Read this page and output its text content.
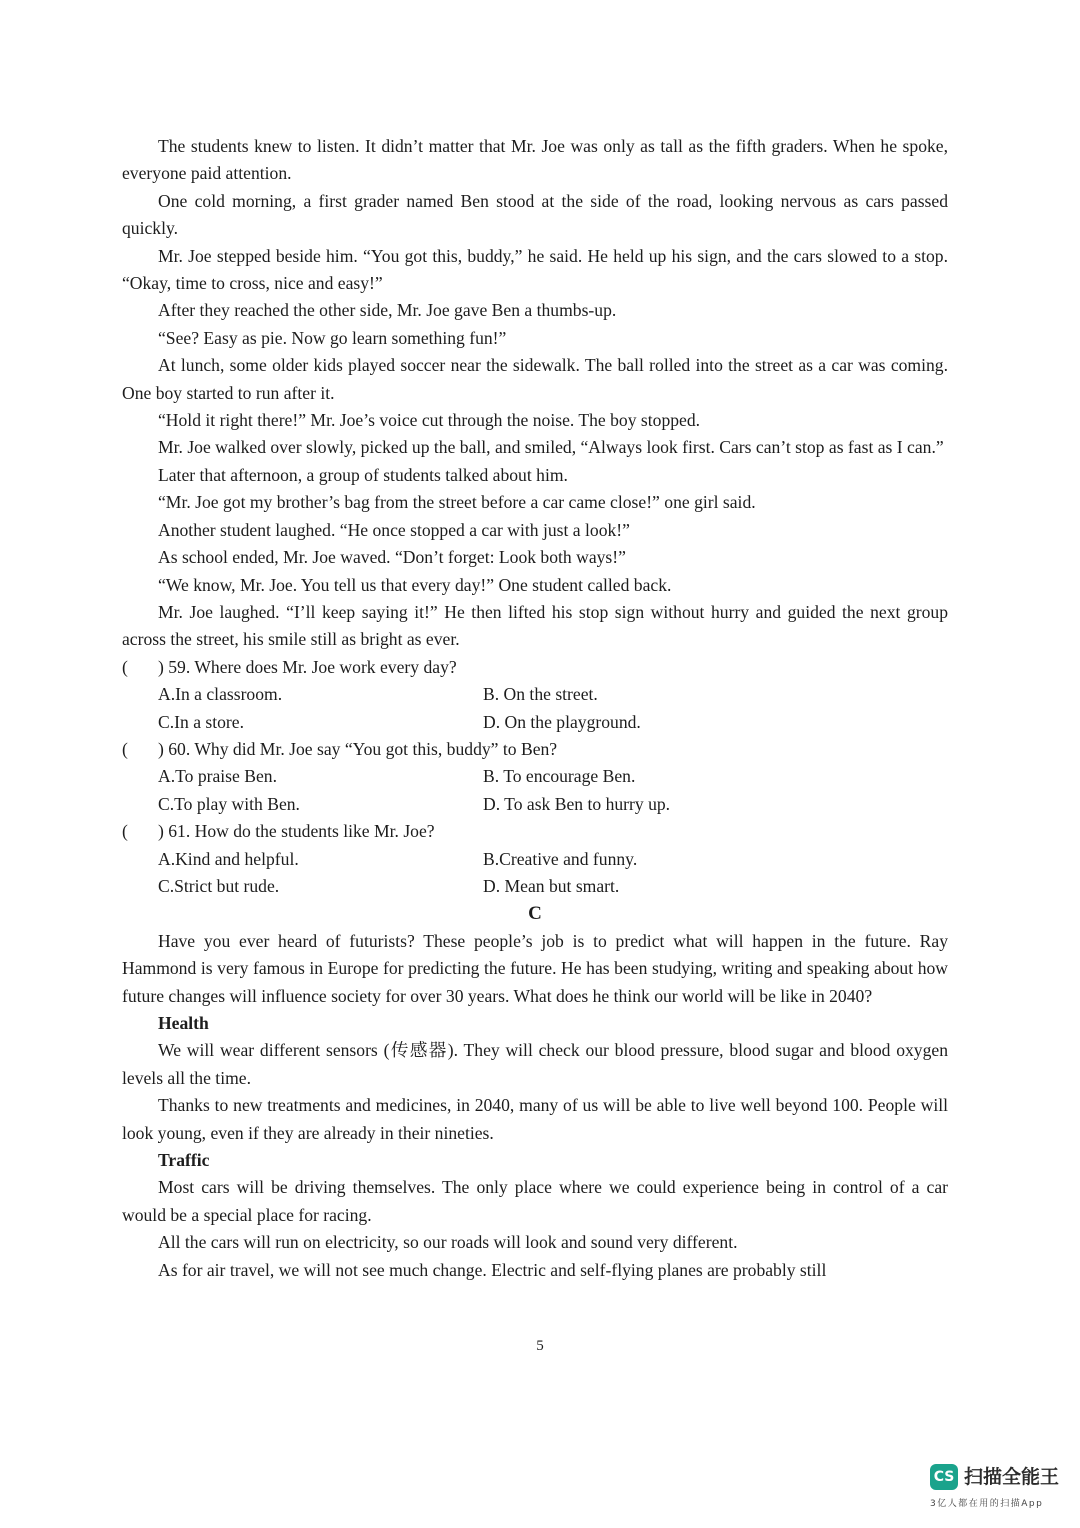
The students knew to listen. It didn’t matter that Mr. Joe was only as tall as the fifth graders. When he spoke, everyone paid attention.

One cold morning, a first grader named Ben stood at the side of the road, looking nervous as cars passed quickly.

Mr. Joe stepped beside him. “You got this, buddy,” he said. He held up his sign, and the cars slowed to a stop. “Okay, time to cross, nice and easy!”

After they reached the other side, Mr. Joe gave Ben a thumbs-up.

“See? Easy as pie. Now go learn something fun!”

At lunch, some older kids played soccer near the sidewalk. The ball rolled into the street as a car was coming. One boy started to run after it.

“Hold it right there!” Mr. Joe’s voice cut through the noise. The boy stopped.

Mr. Joe walked over slowly, picked up the ball, and smiled, “Always look first. Cars can’t stop as fast as I can.”

Later that afternoon, a group of students talked about him.

“Mr. Joe got my brother’s bag from the street before a car came close!” one girl said.

Another student laughed. “He once stopped a car with just a look!”

As school ended, Mr. Joe waved. “Don’t forget: Look both ways!”

“We know, Mr. Joe. You tell us that every day!” One student called back.

Mr. Joe laughed. “I’ll keep saying it!” He then lifted his stop sign without hurry and guided the next group across the street, his smile still as bright as ever.

(	) 59. Where does Mr. Joe work every day?

A.In a classroom.	B. On the street.
C.In a store.	D. On the playground.

(	) 60. Why did Mr. Joe say “You got this, buddy” to Ben?

A.To praise Ben.	B. To encourage Ben.
C.To play with Ben.	D. To ask Ben to hurry up.

(	) 61. How do the students like Mr. Joe?

A.Kind and helpful.	B.Creative and funny.
C.Strict but rude.	D. Mean but smart.

C

Have you ever heard of futurists? These people’s job is to predict what will happen in the future. Ray Hammond is very famous in Europe for predicting the future. He has been studying, writing and speaking about how future changes will influence society for over 30 years. What does he think our world will be like in 2040?

Health

We will wear different sensors (传感器). They will check our blood pressure, blood sugar and blood oxygen levels all the time.

Thanks to new treatments and medicines, in 2040, many of us will be able to live well beyond 100. People will look young, even if they are already in their nineties.

Traffic

Most cars will be driving themselves. The only place where we could experience being in control of a car would be a special place for racing.

All the cars will run on electricity, so our roads will look and sound very different.

As for air travel, we will not see much change. Electric and self-flying planes are probably still

5
CS 扫描全能王
3亿人都在用的扫描App
